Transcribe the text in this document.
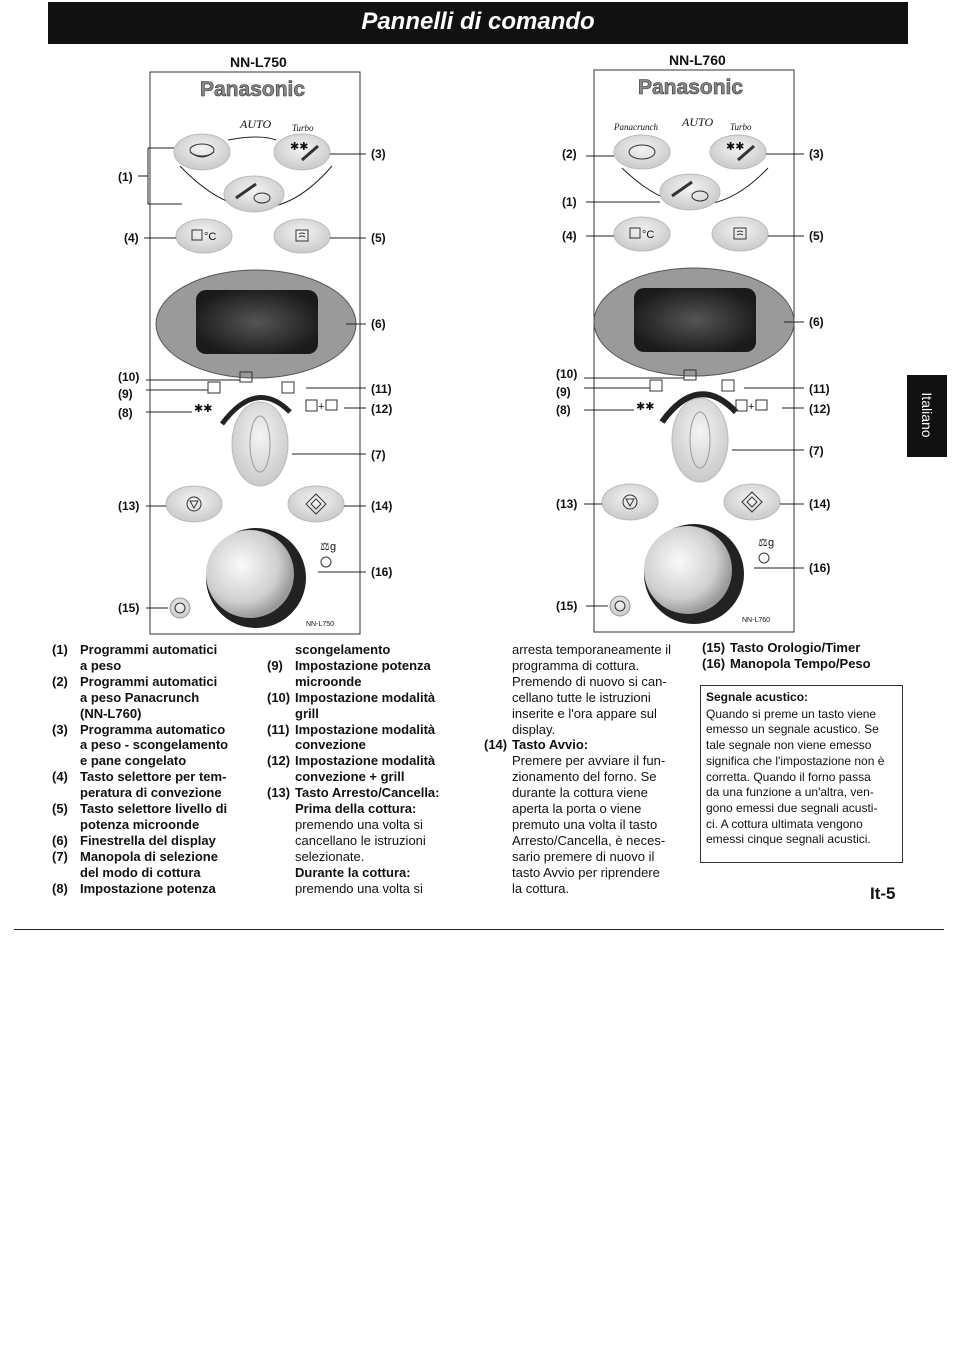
Pannelli di comando
Italiano
NN-L750	NN-L760
Panasonic
AUTO Turbo
✱✱
(1)
(3)
°C
(4)	(5)
(6)
(10)
(9)
✱✱
(8)
(11)
+	(12)
(7)
(13)	(14)
⚖ g
(16)
(15)
NN-L750
Panasonic
Panacrunch AUTO Turbo
✱✱
(2)	(3)
(1)
°C
(4)	(5)
(6)
(10)
(9)
✱✱
(8)
(11)
+	(12)
(7)
(13)	(14)
⚖ g
(16)
(15)
NN-L760
(1) Programmi automatici
a peso
(2) Programmi automatici
a peso Panacrunch
(NN-L760)
(3) Programma automatico
a peso - scongelamento
e pane congelato
(4) Tasto selettore per tem-
peratura di convezione
(5) Tasto selettore livello di
potenza microonde
(6) Finestrella del display
(7) Manopola di selezione
del modo di cottura
(8) Impostazione potenza
scongelamento
(9) Impostazione potenza
microonde
(10) Impostazione modalità
grill
(11) Impostazione modalità
convezione
(12) Impostazione modalità
convezione + grill
(13) Tasto Arresto/Cancella:
Prima della cottura:
premendo una volta si
cancellano le istruzioni
selezionate.
Durante la cottura:
premendo una volta si
arresta temporaneamente il
programma di cottura.
Premendo di nuovo si can-
cellano tutte le istruzioni
inserite e l'ora appare sul
display.
(14) Tasto Avvio:
Premere per avviare il fun-
zionamento del forno. Se
durante la cottura viene
aperta la porta o viene
premuto una volta il tasto
Arresto/Cancella, è neces-
sario premere di nuovo il
tasto Avvio per riprendere
la cottura.
(15) Tasto Orologio/Timer
(16) Manopola Tempo/Peso
Segnale acustico:
Quando si preme un tasto viene
emesso un segnale acustico. Se
tale segnale non viene emesso
significa che l'impostazione non è
corretta. Quando il forno passa
da una funzione a un'altra, ven-
gono emessi due segnali acusti-
ci. A cottura ultimata vengono
emessi cinque segnali acustici.
It-5
